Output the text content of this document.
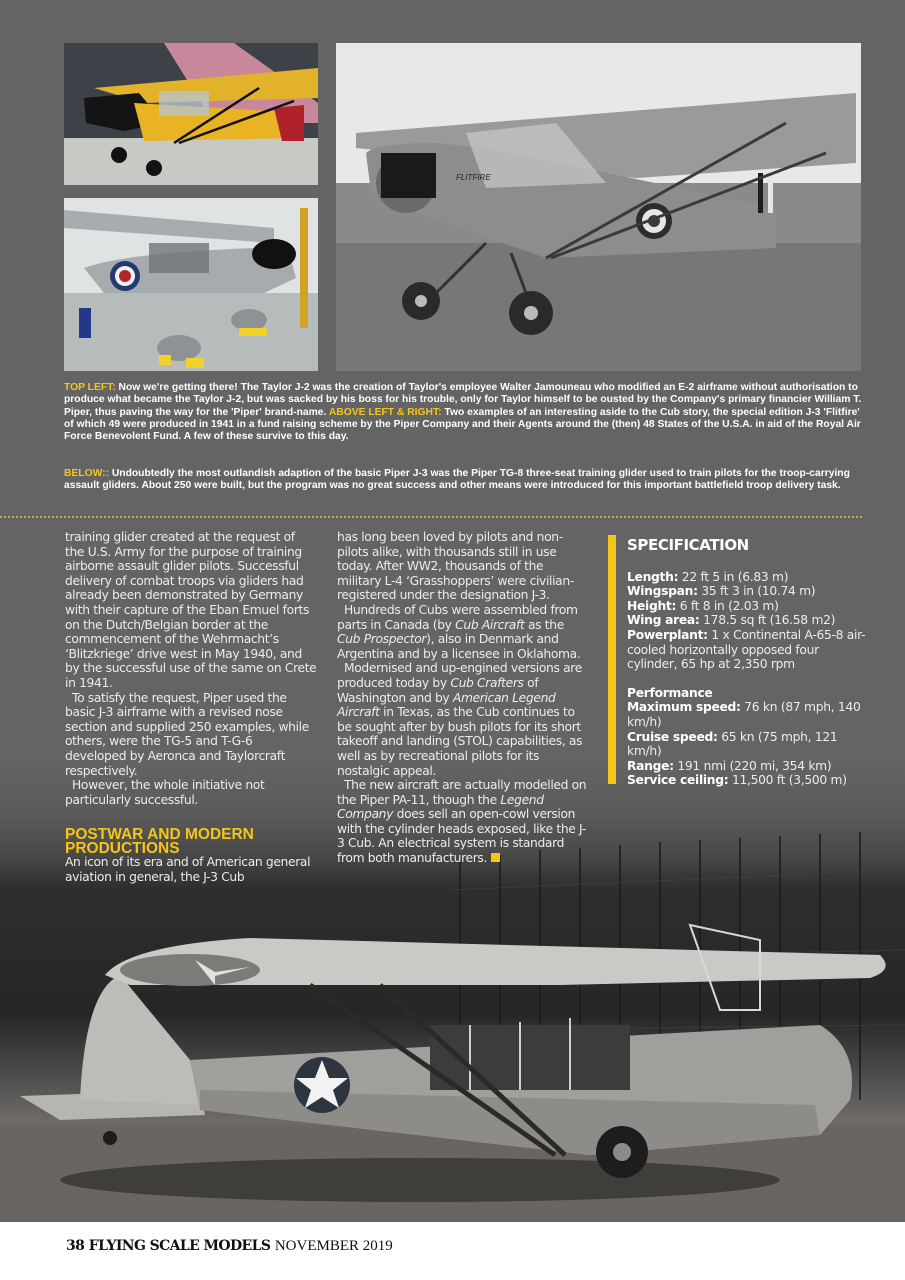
FLITFIRE
TOP LEFT: Now we're getting there! The Taylor J-2 was the creation of Taylor's employee Walter Jamouneau who modified an E-2 airframe without authorisation to produce what became the Taylor J-2, but was sacked by his boss for his trouble, only for Taylor himself to be ousted by the Company's primary financier William T. Piper, thus paving the way for the 'Piper' brand-name. ABOVE LEFT & RIGHT: Two examples of an interesting aside to the Cub story, the special edition J-3 'Flitfire' of which 49 were produced in 1941 in a fund raising scheme by the Piper Company and their Agents around the (then) 48 States of the U.S.A. in aid of the Royal Air Force Benevolent Fund. A few of these survive to this day.
BELOW:: Undoubtedly the most outlandish adaption of the basic Piper J-3 was the Piper TG-8 three-seat training glider used to train pilots for the troop-carrying assault gliders. About 250 were built, but the program was no great success and other means were introduced for this important battlefield troop delivery task.

training glider created at the request of the U.S. Army for the purpose of training airborne assault glider pilots. Successful delivery of combat troops via gliders had already been demonstrated by Germany with their capture of the Eban Emuel forts on the Dutch/Belgian border at the commencement of the Wehrmacht’s ‘Blitzkriege’ drive west in May 1940, and by the successful use of the same on Crete in 1941.

To satisfy the request, Piper used the basic J-3 airframe with a revised nose section and supplied 250 examples, while others, were the TG-5 and T-G-6 developed by Aeronca and Taylorcraft respectively.

However, the whole initiative not particularly successful.

POSTWAR AND MODERN PRODUCTIONS

An icon of its era and of American general aviation in general, the J-3 Cub

has long been loved by pilots and non-pilots alike, with thousands still in use today. After WW2, thousands of the military L-4 ‘Grasshoppers’ were civilian-registered under the designation J-3.

Hundreds of Cubs were assembled from parts in Canada (by Cub Aircraft as the Cub Prospector), also in Denmark and Argentina and by a licensee in Oklahoma.

Modernised and up-engined versions are produced today by Cub Crafters of Washington and by American Legend Aircraft in Texas, as the Cub continues to be sought after by bush pilots for its short takeoff and landing (STOL) capabilities, as well as by recreational pilots for its nostalgic appeal.

The new aircraft are actually modelled on the Piper PA-11, though the Legend Company does sell an open-cowl version with the cylinder heads exposed, like the J-3 Cub. An electrical system is standard from both manufacturers.

SPECIFICATION
Length: 22 ft 5 in (6.83 m)
Wingspan: 35 ft 3 in (10.74 m)
Height: 6 ft 8 in (2.03 m)
Wing area: 178.5 sq ft (16.58 m2)
Powerplant: 1 x Continental A-65-8 air-cooled horizontally opposed four cylinder, 65 hp at 2,350 rpm
Performance
Maximum speed: 76 kn (87 mph, 140 km/h)
Cruise speed: 65 kn (75 mph, 121 km/h)
Range: 191 nmi (220 mi, 354 km)
Service ceiling: 11,500 ft (3,500 m)
38 FLYING SCALE MODELS NOVEMBER 2019
